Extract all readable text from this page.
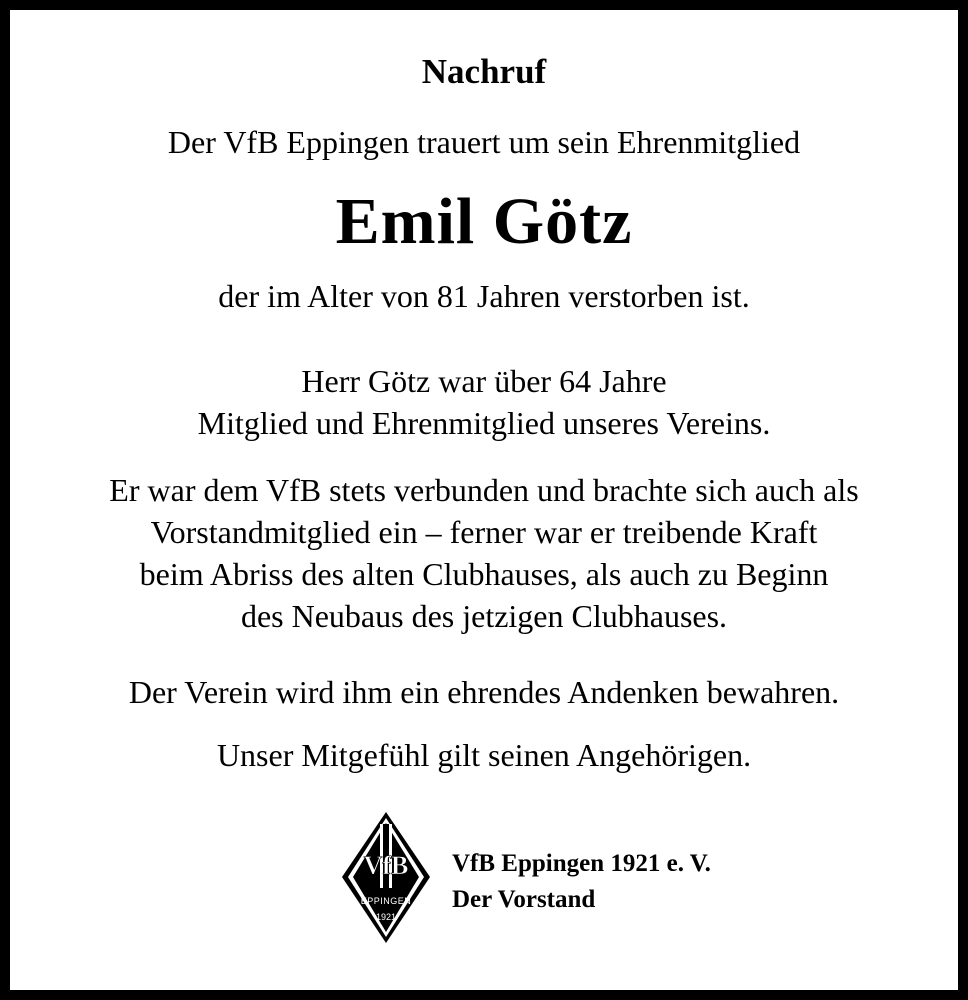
Nachruf
Der VfB Eppingen trauert um sein Ehrenmitglied
Emil Götz
der im Alter von 81 Jahren verstorben ist.
Herr Götz war über 64 Jahre
Mitglied und Ehrenmitglied unseres Vereins.
Er war dem VfB stets verbunden und brachte sich auch als
Vorstandmitglied ein – ferner war er treibende Kraft
beim Abriss des alten Clubhauses, als auch zu Beginn
des Neubaus des jetzigen Clubhauses.
Der Verein wird ihm ein ehrendes Andenken bewahren.
Unser Mitgefühl gilt seinen Angehörigen.
VfB
EPPINGEN
1921
VfB Eppingen 1921 e. V.
Der Vorstand
